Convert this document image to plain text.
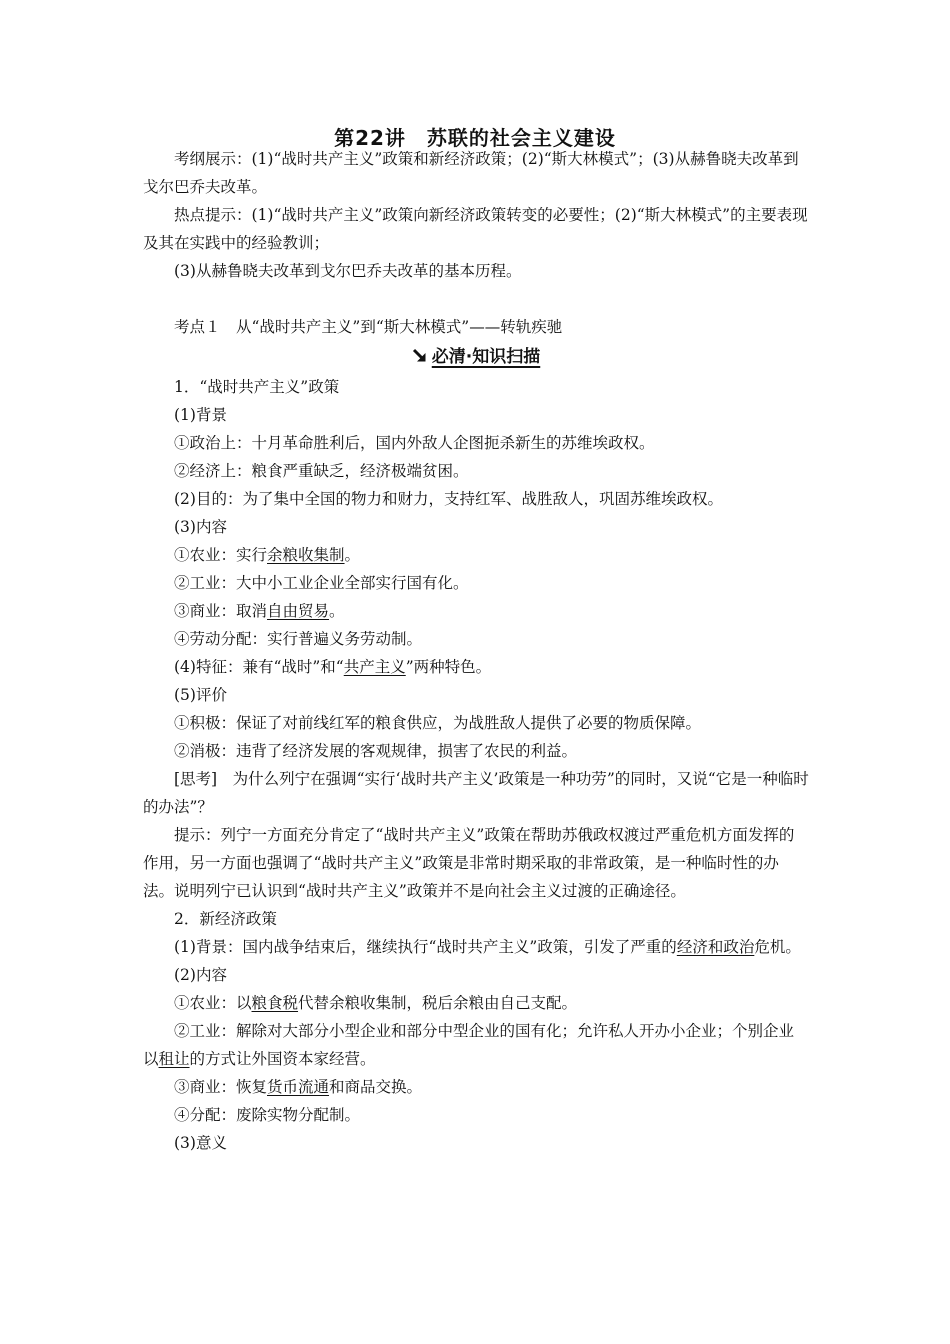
第22讲　苏联的社会主义建设

考纲展示：(1)“战时共产主义”政策和新经济政策；(2)“斯大林模式”；(3)从赫鲁晓夫改革到戈尔巴乔夫改革。

热点提示：(1)“战时共产主义”政策向新经济政策转变的必要性；(2)“斯大林模式”的主要表现及其在实践中的经验教训；

(3)从赫鲁晓夫改革到戈尔巴乔夫改革的基本历程。

考点１　从“战时共产主义”到“斯大林模式”——转轨疾驰

必清·知识扫描

1．“战时共产主义”政策

(1)背景

①政治上：十月革命胜利后，国内外敌人企图扼杀新生的苏维埃政权。

②经济上：粮食严重缺乏，经济极端贫困。

(2)目的：为了集中全国的物力和财力，支持红军、战胜敌人，巩固苏维埃政权。

(3)内容

①农业：实行余粮收集制。

②工业：大中小工业企业全部实行国有化。

③商业：取消自由贸易。

④劳动分配：实行普遍义务劳动制。

(4)特征：兼有“战时”和“共产主义”两种特色。

(5)评价

①积极：保证了对前线红军的粮食供应，为战胜敌人提供了必要的物质保障。

②消极：违背了经济发展的客观规律，损害了农民的利益。

[思考]　为什么列宁在强调“实行‘战时共产主义’政策是一种功劳”的同时，又说“它是一种临时的办法”？

提示：列宁一方面充分肯定了“战时共产主义”政策在帮助苏俄政权渡过严重危机方面发挥的作用，另一方面也强调了“战时共产主义”政策是非常时期采取的非常政策，是一种临时性的办法。说明列宁已认识到“战时共产主义”政策并不是向社会主义过渡的正确途径。

2．新经济政策

(1)背景：国内战争结束后，继续执行“战时共产主义”政策，引发了严重的经济和政治危机。

(2)内容

①农业：以粮食税代替余粮收集制，税后余粮由自己支配。

②工业：解除对大部分小型企业和部分中型企业的国有化；允许私人开办小企业；个别企业以租让的方式让外国资本家经营。

③商业：恢复货币流通和商品交换。

④分配：废除实物分配制。

(3)意义
